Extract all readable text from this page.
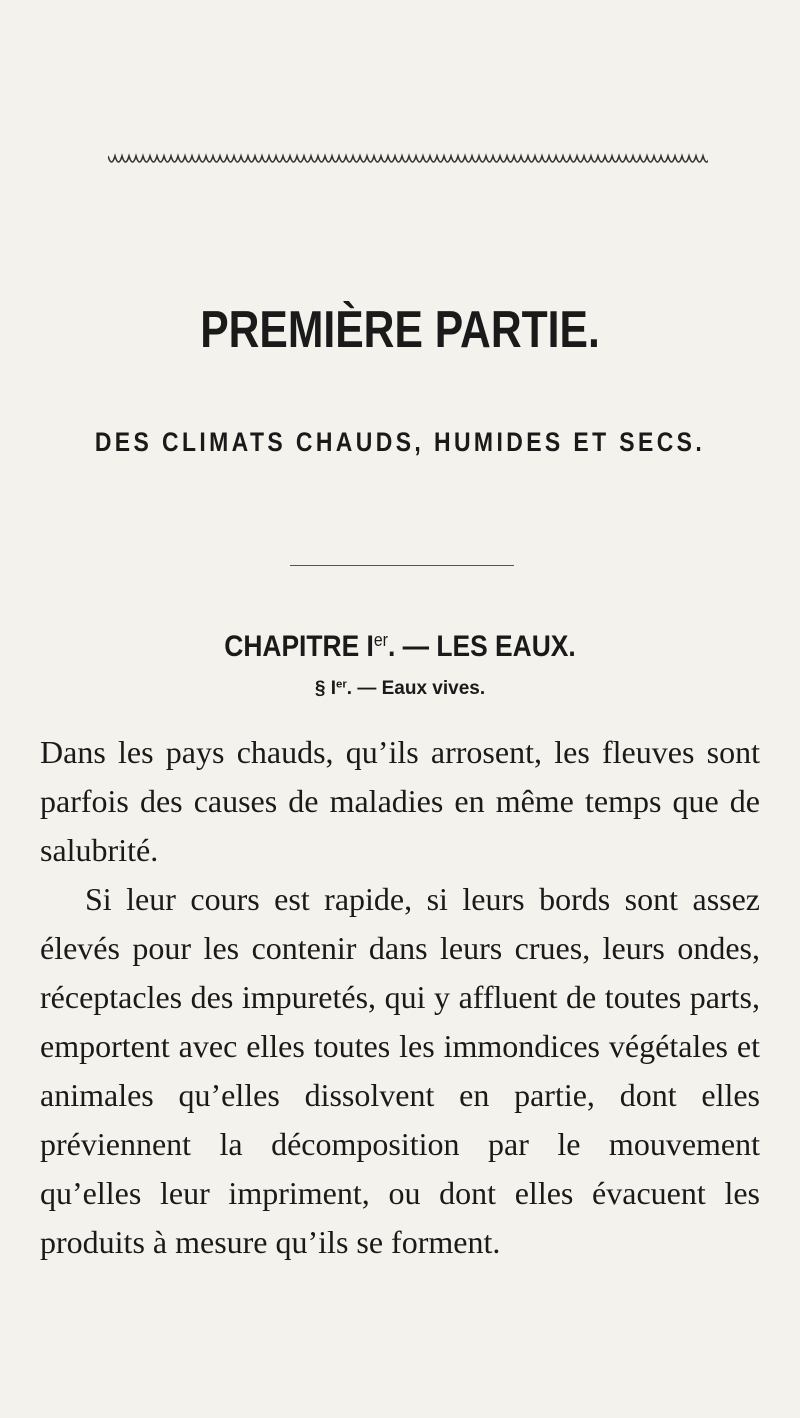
PREMIÈRE PARTIE.
DES CLIMATS CHAUDS, HUMIDES ET SECS.
CHAPITRE Ier. — LES EAUX.
§ Ier. — Eaux vives.

Dans les pays chauds, qu’ils arrosent, les fleuves sont parfois des causes de maladies en même temps que de salubrité.

Si leur cours est rapide, si leurs bords sont assez élevés pour les contenir dans leurs crues, leurs ondes, réceptacles des impuretés, qui y affluent de toutes parts, emportent avec elles toutes les immondices végétales et animales qu’elles dissolvent en partie, dont elles préviennent la décomposition par le mouvement qu’elles leur impriment, ou dont elles évacuent les produits à mesure qu’ils se forment.
